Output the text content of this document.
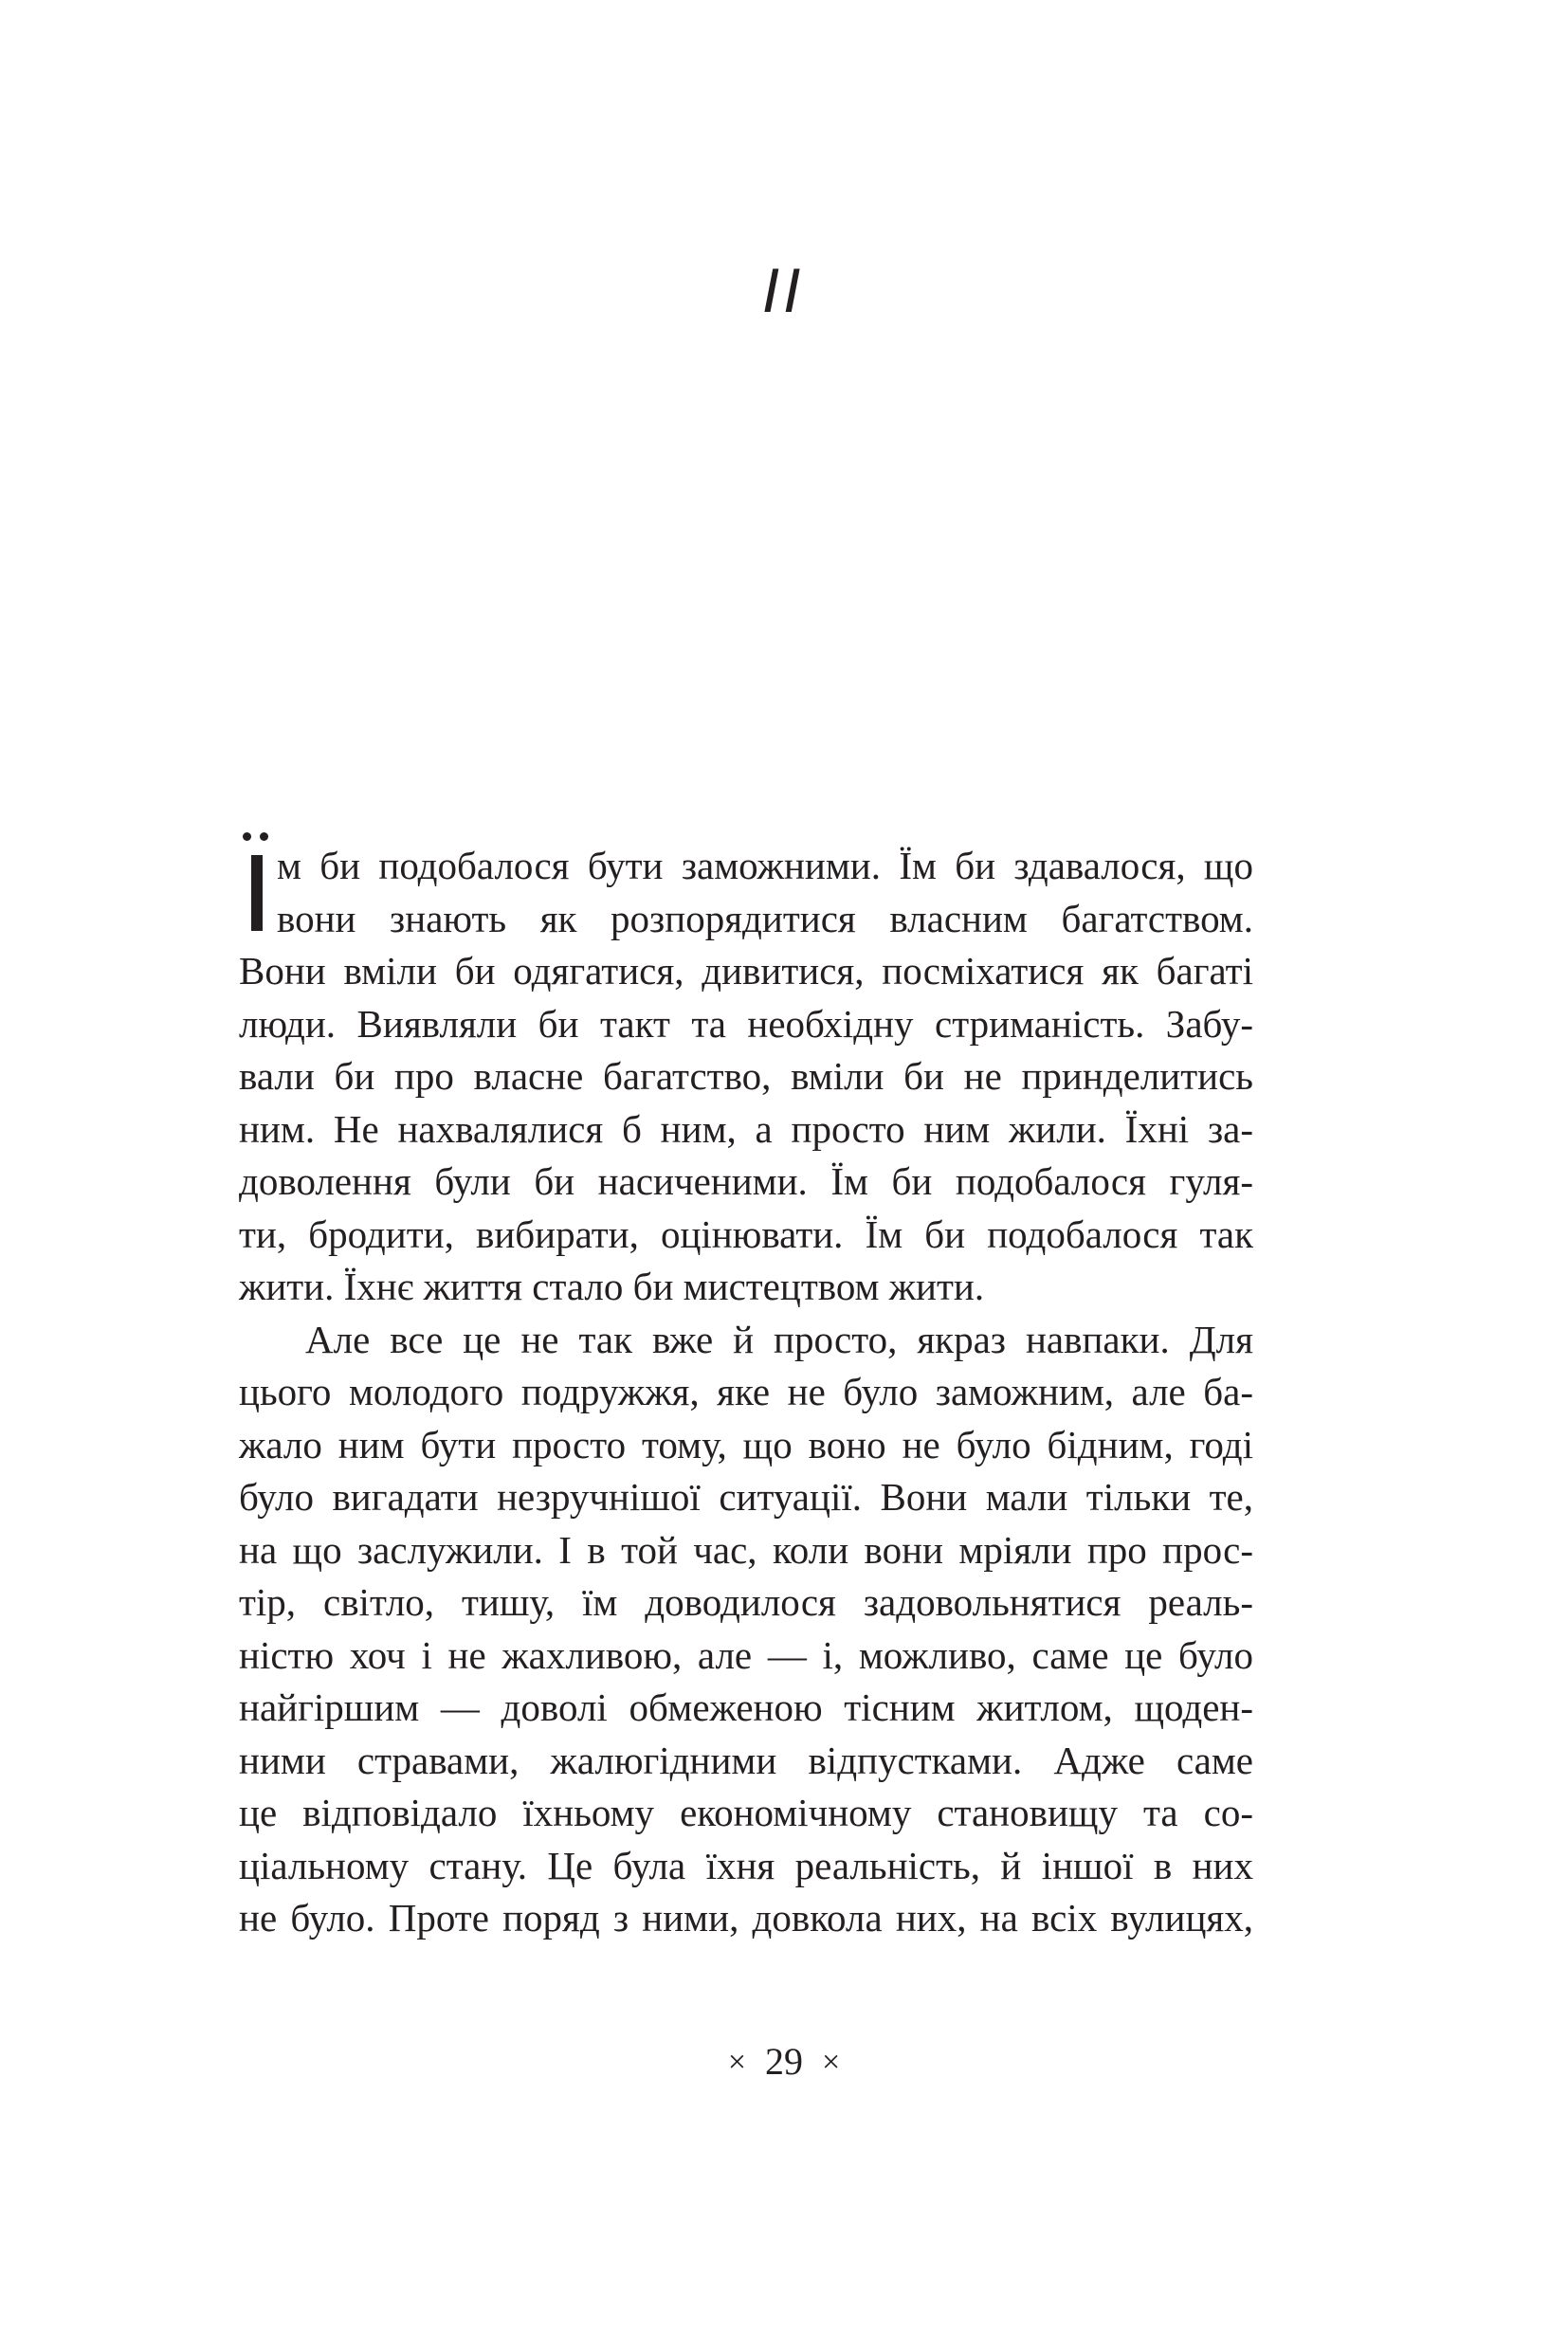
II
м би подобалося бути заможними. Їм би здавалося, що
вони знають як розпорядитися власним багатством.
Вони вміли би одягатися, дивитися, посміхатися як багаті
люди. Виявляли би такт та необхідну стриманість. Забу-
вали би про власне багатство, вміли би не принделитись
ним. Не нахвалялися б ним, а просто ним жили. Їхні за-
доволення були би насиченими. Їм би подобалося гуля-
ти, бродити, вибирати, оцінювати. Їм би подобалося так
жити. Їхнє життя стало би мистецтвом жити.
Але все це не так вже й просто, якраз навпаки. Для
цього молодого подружжя, яке не було заможним, але ба-
жало ним бути просто тому, що воно не було бідним, годі
було вигадати незручнішої ситуації. Вони мали тільки те,
на що заслужили. І в той час, коли вони мріяли про прос-
тір, світло, тишу, їм доводилося задовольнятися реаль-
ністю хоч і не жахливою, але — і, можливо, саме це було
найгіршим — доволі обмеженою тісним житлом, щоден-
ними стравами, жалюгідними відпустками. Адже саме
це відповідало їхньому економічному становищу та со-
ціальному стану. Це була їхня реальність, й іншої в них
не було. Проте поряд з ними, довкола них, на всіх вулицях,
× 29 ×
